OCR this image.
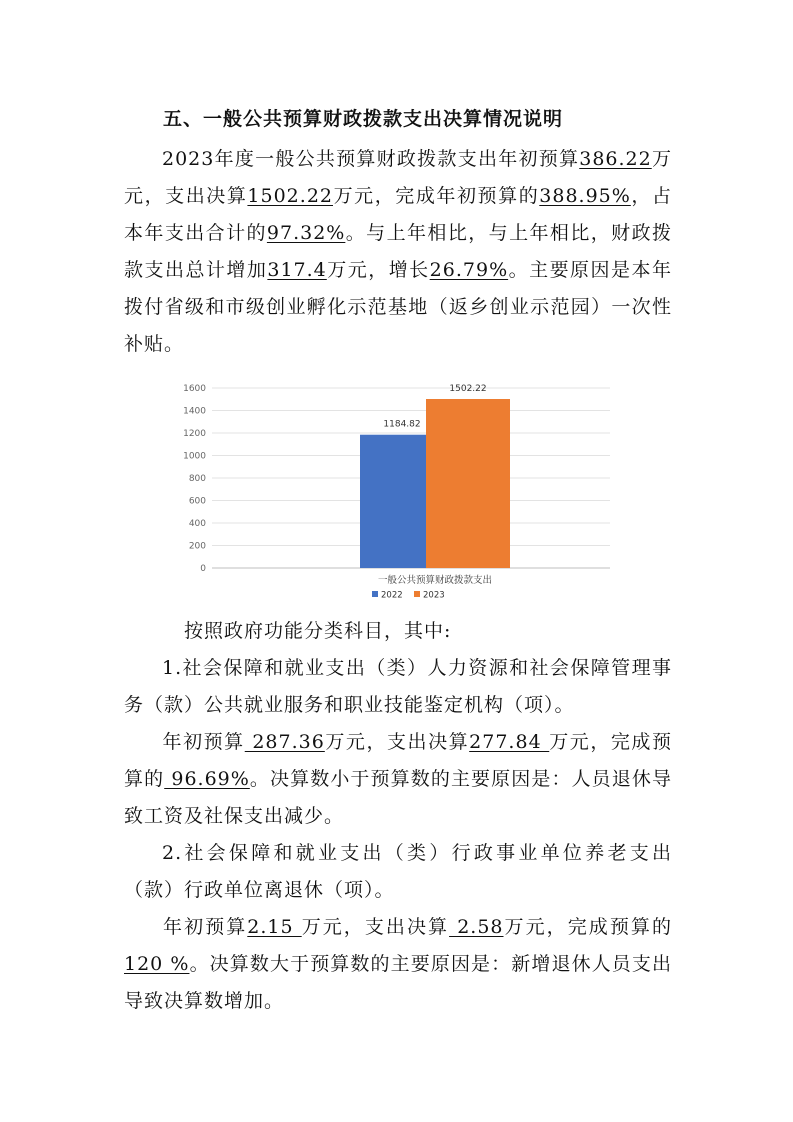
五、一般公共预算财政拨款支出决算情况说明
2023年度一般公共预算财政拨款支出年初预算386.22万元，支出决算1502.22万元，完成年初预算的388.95%，占本年支出合计的97.32%。与上年相比，与上年相比，财政拨款支出总计增加317.4万元，增长26.79%。主要原因是本年拨付省级和市级创业孵化示范基地（返乡创业示范园）一次性补贴。
0
200
400
600
800
1000
1200
1400
1600
1184.82
1502.22
一般公共预算财政拨款支出
2022 2023
按照政府功能分类科目，其中:
1.社会保障和就业支出（类）人力资源和社会保障管理事务（款）公共就业服务和职业技能鉴定机构（项）。
年初预算 287.36万元，支出决算277.84 万元，完成预算的 96.69%。决算数小于预算数的主要原因是：人员退休导致工资及社保支出减少。
2.社会保障和就业支出（类）行政事业单位养老支出（款）行政单位离退休（项）。
年初预算2.15 万元，支出决算 2.58万元，完成预算的120 %。决算数大于预算数的主要原因是：新增退休人员支出导致决算数增加。
